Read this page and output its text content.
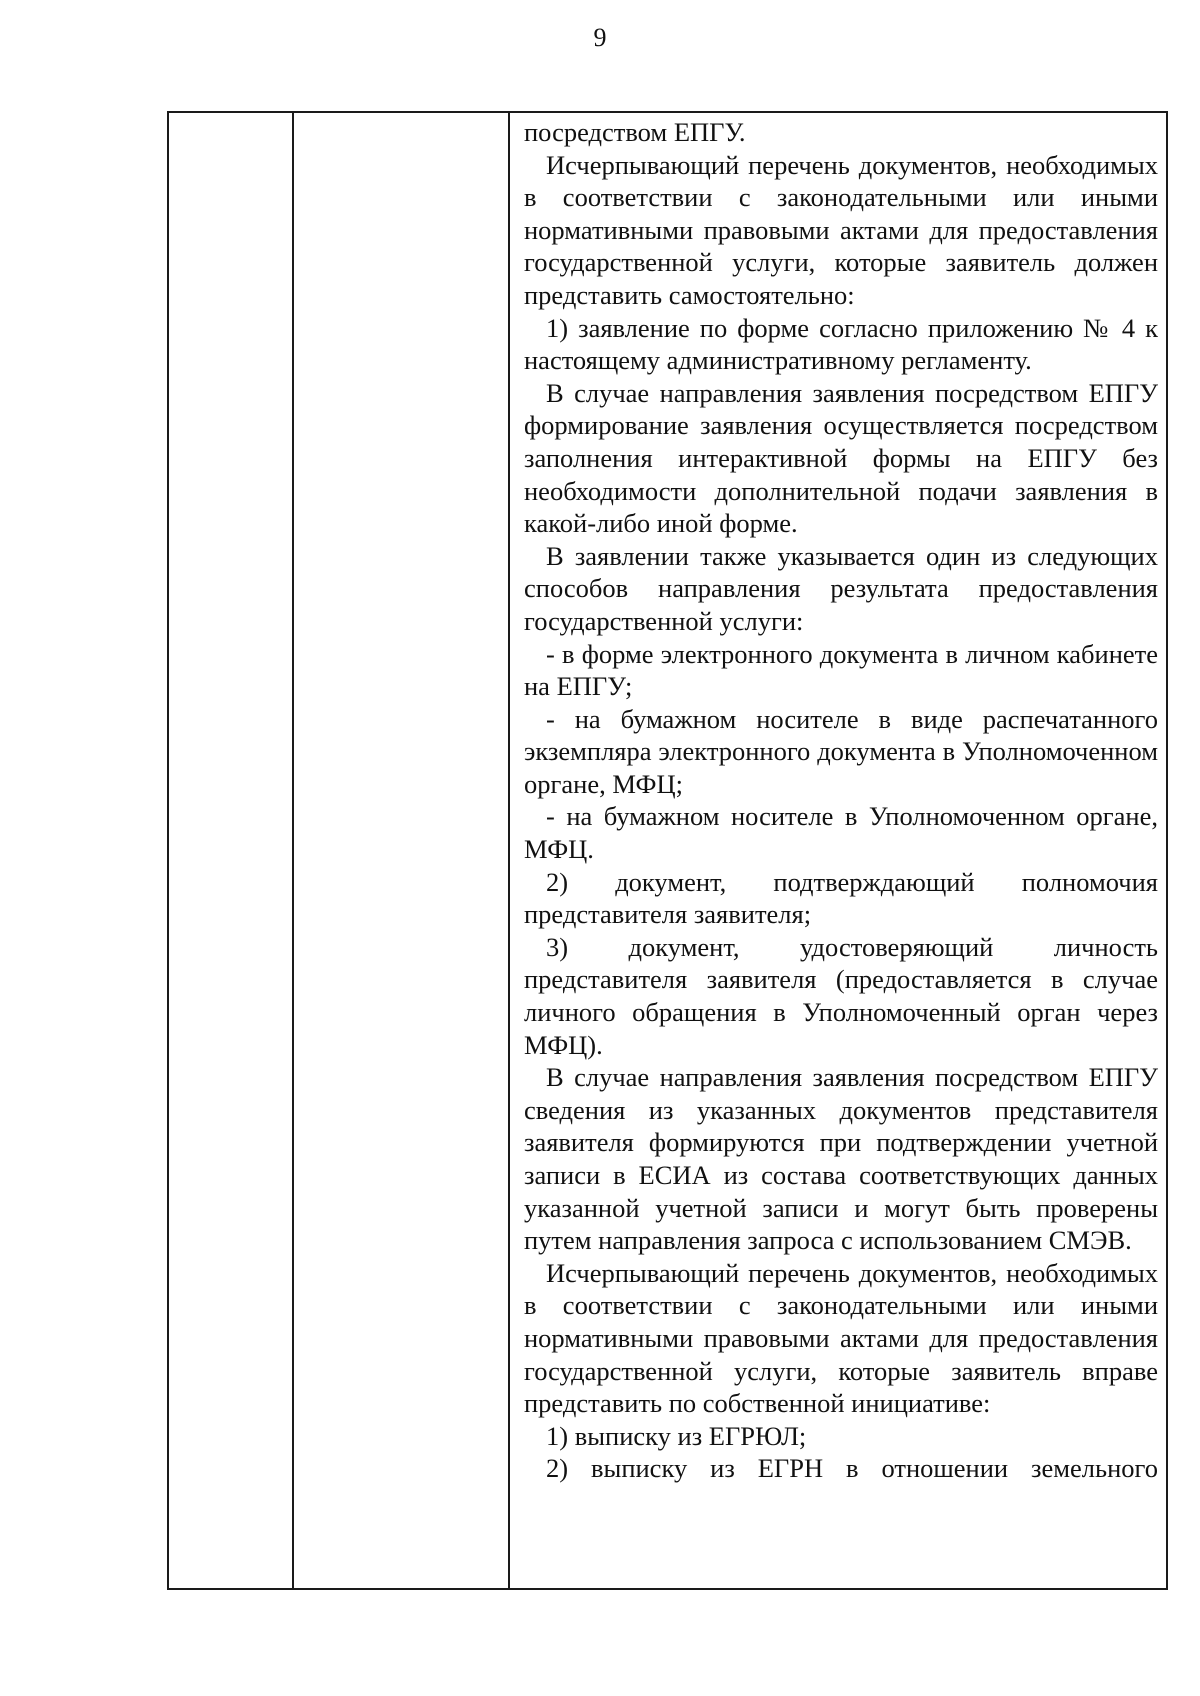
9

посредством ЕПГУ.

Исчерпывающий перечень документов, необходимых в соответствии с законодательными или иными нормативными правовыми актами для предоставления государственной услуги, которые заявитель должен представить самостоятельно:

1) заявление по форме согласно приложению № 4 к настоящему административному регламенту.

В случае направления заявления посредством ЕПГУ формирование заявления осуществляется посредством заполнения интерактивной формы на ЕПГУ без необходимости дополнительной подачи заявления в какой-либо иной форме.

В заявлении также указывается один из следующих способов направления результата предоставления государственной услуги:

- в форме электронного документа в личном кабинете на ЕПГУ;

- на бумажном носителе в виде распечатанного экземпляра электронного документа в Уполномоченном органе, МФЦ;

- на бумажном носителе в Уполномоченном органе, МФЦ.

2) документ, подтверждающий полномочия представителя заявителя;

3) документ, удостоверяющий личность представителя заявителя (предоставляется в случае личного обращения в Уполномоченный орган через МФЦ).

В случае направления заявления посредством ЕПГУ сведения из указанных документов представителя заявителя формируются при подтверждении учетной записи в ЕСИА из состава соответствующих данных указанной учетной записи и могут быть проверены путем направления запроса с использованием СМЭВ.

Исчерпывающий перечень документов, необходимых в соответствии с законодательными или иными нормативными правовыми актами для предоставления государственной услуги, которые заявитель вправе представить по собственной инициативе:

1) выписку из ЕГРЮЛ;

2) выписку из ЕГРН в отношении земельного
